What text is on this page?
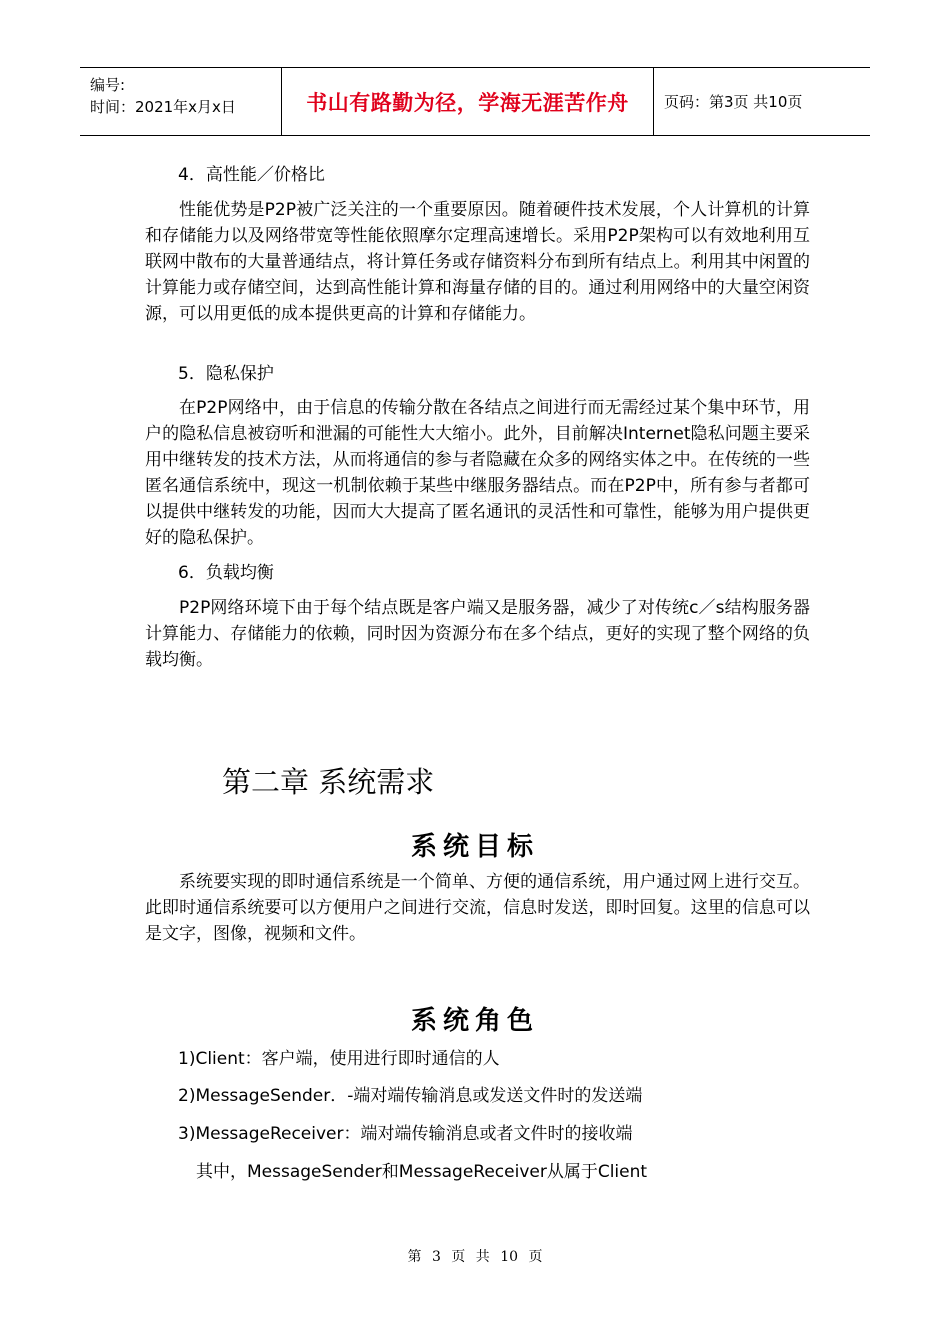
编号:
时间：2021年x月x日	书山有路勤为径，学海无涯苦作舟 页码：第3页 共10页
4．高性能／价格比

性能优势是P2P被广泛关注的一个重要原因。随着硬件技术发展，个人计算机的计算和存储能力以及网络带宽等性能依照摩尔定理高速增长。采用P2P架构可以有效地利用互联网中散布的大量普通结点，将计算任务或存储资料分布到所有结点上。利用其中闲置的计算能力或存储空间，达到高性能计算和海量存储的目的。通过利用网络中的大量空闲资源，可以用更低的成本提供更高的计算和存储能力。

5．隐私保护

在P2P网络中，由于信息的传输分散在各结点之间进行而无需经过某个集中环节，用户的隐私信息被窃听和泄漏的可能性大大缩小。此外，目前解决Internet隐私问题主要采用中继转发的技术方法，从而将通信的参与者隐藏在众多的网络实体之中。在传统的一些匿名通信系统中，现这一机制依赖于某些中继服务器结点。而在P2P中，所有参与者都可以提供中继转发的功能，因而大大提高了匿名通讯的灵活性和可靠性，能够为用户提供更好的隐私保护。

6．负载均衡

P2P网络环境下由于每个结点既是客户端又是服务器，减少了对传统c／s结构服务器计算能力、存储能力的依赖，同时因为资源分布在多个结点，更好的实现了整个网络的负载均衡。

第二章 系统需求
系统目标

系统要实现的即时通信系统是一个简单、方便的通信系统，用户通过网上进行交互。此即时通信系统要可以方便用户之间进行交流，信息时发送，即时回复。这里的信息可以是文字，图像，视频和文件。

系统角色
1)Client：客户端，使用进行即时通信的人
2)MessageSender．-端对端传输消息或发送文件时的发送端
3)MessageReceiver：端对端传输消息或者文件时的接收端
其中，MessageSender和MessageReceiver从属于Client
第 3 页 共 10 页
